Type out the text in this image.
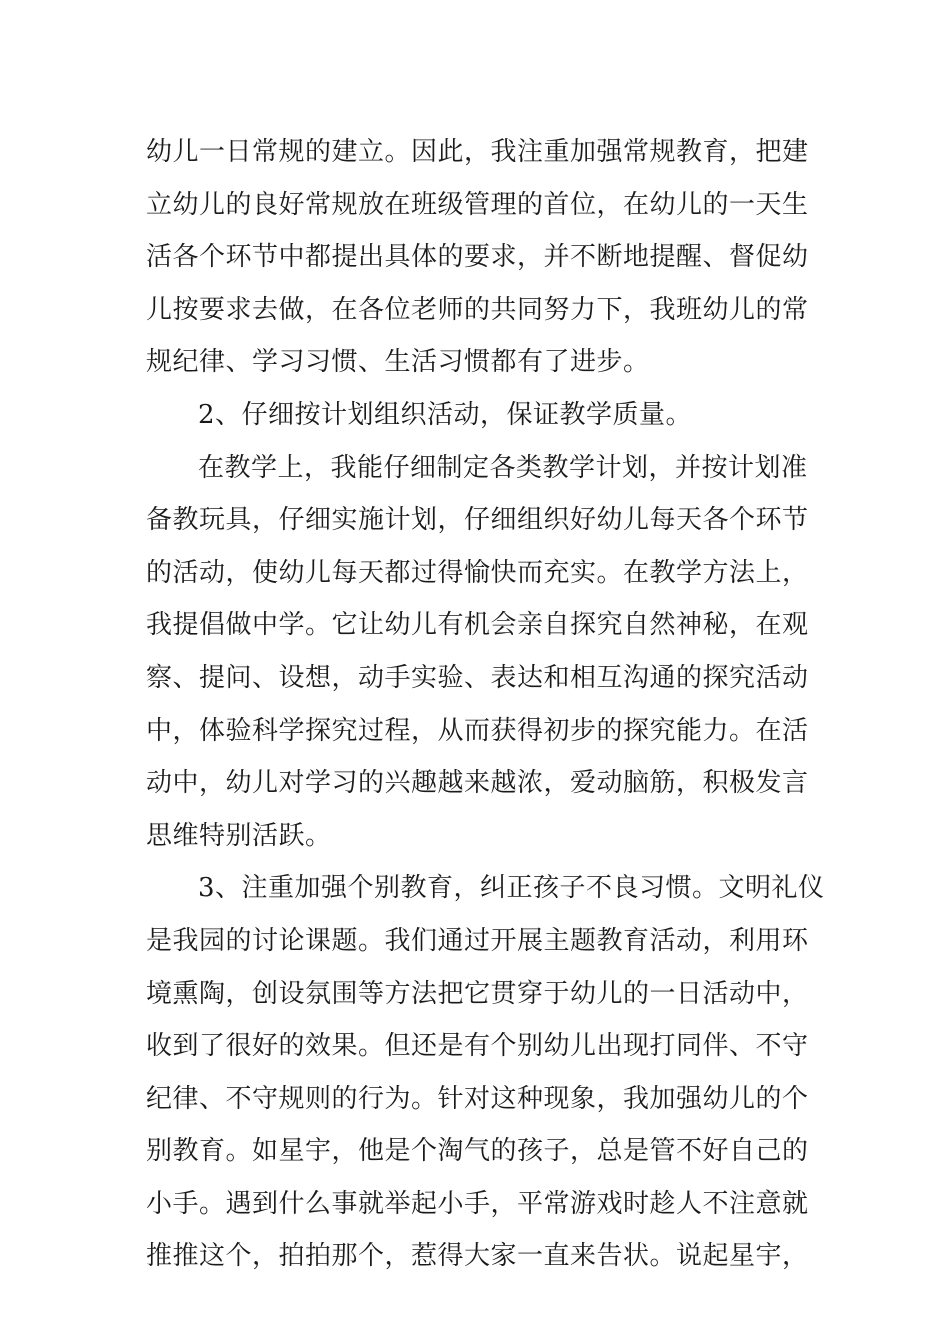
幼儿一日常规的建立。因此，我注重加强常规教育，把建
立幼儿的良好常规放在班级管理的首位，在幼儿的一天生
活各个环节中都提出具体的要求，并不断地提醒、督促幼
儿按要求去做，在各位老师的共同努力下，我班幼儿的常
规纪律、学习习惯、生活习惯都有了进步。
2、仔细按计划组织活动，保证教学质量。
在教学上，我能仔细制定各类教学计划，并按计划准
备教玩具，仔细实施计划，仔细组织好幼儿每天各个环节
的活动，使幼儿每天都过得愉快而充实。在教学方法上，
我提倡做中学。它让幼儿有机会亲自探究自然神秘，在观
察、提问、设想，动手实验、表达和相互沟通的探究活动
中，体验科学探究过程，从而获得初步的探究能力。在活
动中，幼儿对学习的兴趣越来越浓，爱动脑筋，积极发言
思维特别活跃。
3、注重加强个别教育，纠正孩子不良习惯。文明礼仪
是我园的讨论课题。我们通过开展主题教育活动，利用环
境熏陶，创设氛围等方法把它贯穿于幼儿的一日活动中，
收到了很好的效果。但还是有个别幼儿出现打同伴、不守
纪律、不守规则的行为。针对这种现象，我加强幼儿的个
别教育。如星宇，他是个淘气的孩子，总是管不好自己的
小手。遇到什么事就举起小手，平常游戏时趁人不注意就
推推这个，拍拍那个，惹得大家一直来告状。说起星宇，
